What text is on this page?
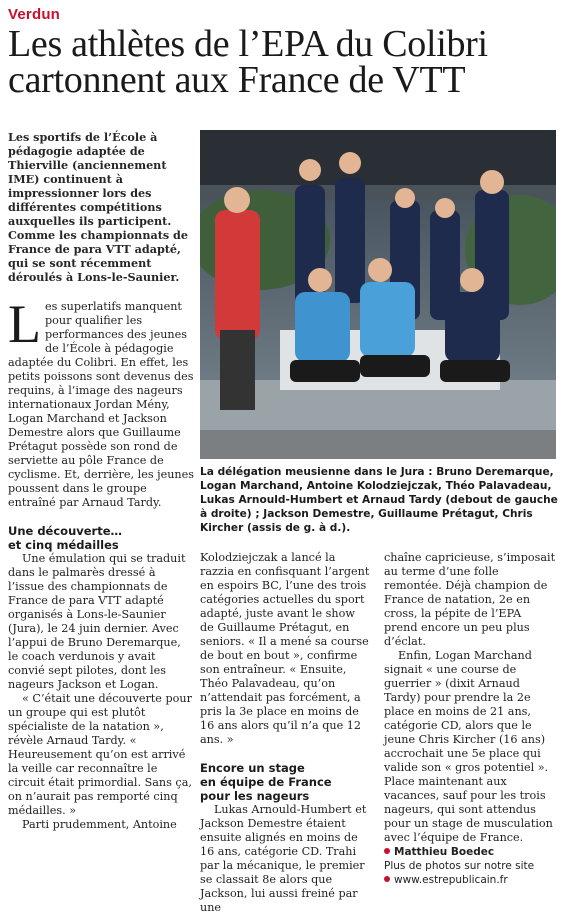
Verdun
Les athlètes de l’EPA du Colibri
cartonnent aux France de VTT
Les sportifs de l’École à pédagogie adaptée de Thierville (anciennement IME) continuent à impressionner lors des différentes compétitions auxquelles ils participent. Comme les championnats de France de para VTT adapté, qui se sont récemment déroulés à Lons-le-Saunier.
La délégation meusienne dans le Jura : Bruno Deremarque, Logan Marchand, Antoine Kolodziejczak, Théo Palavadeau, Lukas Arnould-Humbert et Arnaud Tardy (debout de gauche à droite) ; Jackson Demestre, Guillaume Prétagut, Chris Kircher (assis de g. à d.).

Les superlatifs manquent pour qualifier les performances des jeunes de l’École à pédagogie adaptée du Colibri. En effet, les petits poissons sont devenus des requins, à l’image des nageurs internationaux Jordan Mény, Logan Marchand et Jackson Demestre alors que Guillaume Prétagut possède son rond de serviette au pôle France de cyclisme. Et, derrière, les jeunes poussent dans le groupe entraîné par Arnaud Tardy.

Une découverte…
et cinq médailles

Une émulation qui se traduit dans le palmarès dressé à l’issue des championnats de France de para VTT adapté organisés à Lons-le-Saunier (Jura), le 24 juin dernier. Avec l’appui de Bruno Deremarque, le coach verdunois y avait convié sept pilotes, dont les nageurs Jackson et Logan.

« C’était une découverte pour un groupe qui est plutôt spécialiste de la natation », révèle Arnaud Tardy. « Heureusement qu’on est arrivé la veille car reconnaître le circuit était primordial. Sans ça, on n’aurait pas remporté cinq médailles. »

Parti prudemment, Antoine

Kolodziejczak a lancé la razzia en confisquant l’argent en espoirs BC, l’une des trois catégories actuelles du sport adapté, juste avant le show de Guillaume Prétagut, en seniors. « Il a mené sa course de bout en bout », confirme son entraîneur. « Ensuite, Théo Palavadeau, qu’on n’attendait pas forcément, a pris la 3e place en moins de 16 ans alors qu’il n’a que 12 ans. »

Encore un stage
en équipe de France
pour les nageurs

Lukas Arnould-Humbert et Jackson Demestre étaient ensuite alignés en moins de 16 ans, catégorie CD. Trahi par la mécanique, le premier se classait 8e alors que Jackson, lui aussi freiné par une

chaîne capricieuse, s’imposait au terme d’une folle remontée. Déjà champion de France de natation, 2e en cross, la pépite de l’EPA prend encore un peu plus d’éclat.

Enfin, Logan Marchand signait « une course de guerrier » (dixit Arnaud Tardy) pour prendre la 2e place en moins de 21 ans, catégorie CD, alors que le jeune Chris Kircher (16 ans) accrochait une 5e place qui valide son « gros potentiel ». Place maintenant aux vacances, sauf pour les trois nageurs, qui sont attendus pour un stage de musculation avec l’équipe de France.

Matthieu Boedec
Plus de photos sur notre site
www.estrepublicain.fr
